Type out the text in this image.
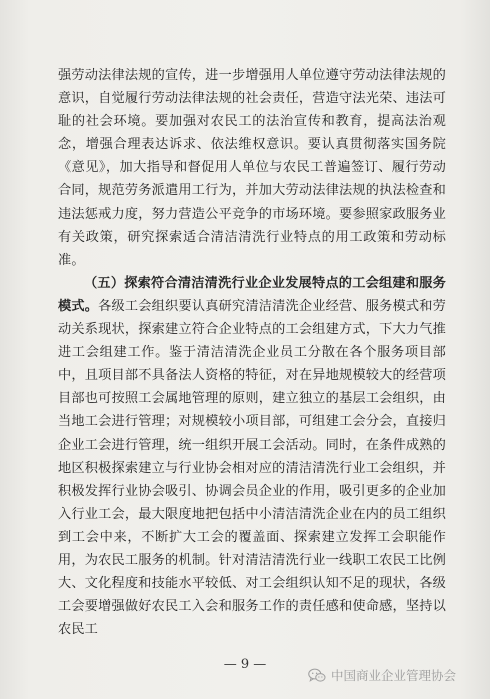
强劳动法律法规的宣传，进一步增强用人单位遵守劳动法律法规的意识，自觉履行劳动法律法规的社会责任，营造守法光荣、违法可耻的社会环境。要加强对农民工的法治宣传和教育，提高法治观念，增强合理表达诉求、依法维权意识。要认真贯彻落实国务院《意见》，加大指导和督促用人单位与农民工普遍签订、履行劳动合同，规范劳务派遣用工行为，并加大劳动法律法规的执法检查和违法惩戒力度，努力营造公平竞争的市场环境。要参照家政服务业有关政策，研究探索适合清洁清洗行业特点的用工政策和劳动标准。

（五）探索符合清洁清洗行业企业发展特点的工会组建和服务模式。各级工会组织要认真研究清洁清洗企业经营、服务模式和劳动关系现状，探索建立符合企业特点的工会组建方式，下大力气推进工会组建工作。鉴于清洁清洗企业员工分散在各个服务项目部中，且项目部不具备法人资格的特征，对在异地规模较大的经营项目部也可按照工会属地管理的原则，建立独立的基层工会组织，由当地工会进行管理；对规模较小项目部，可组建工会分会，直接归企业工会进行管理，统一组织开展工会活动。同时，在条件成熟的地区积极探索建立与行业协会相对应的清洁清洗行业工会组织，并积极发挥行业协会吸引、协调会员企业的作用，吸引更多的企业加入行业工会，最大限度地把包括中小清洁清洗企业在内的员工组织到工会中来，不断扩大工会的覆盖面、探索建立发挥工会职能作用，为农民工服务的机制。针对清洁清洗行业一线职工农民工比例大、文化程度和技能水平较低、对工会组织认知不足的现状，各级工会要增强做好农民工入会和服务工作的责任感和使命感，坚持以农民工

— 9 —
中国商业企业管理协会
